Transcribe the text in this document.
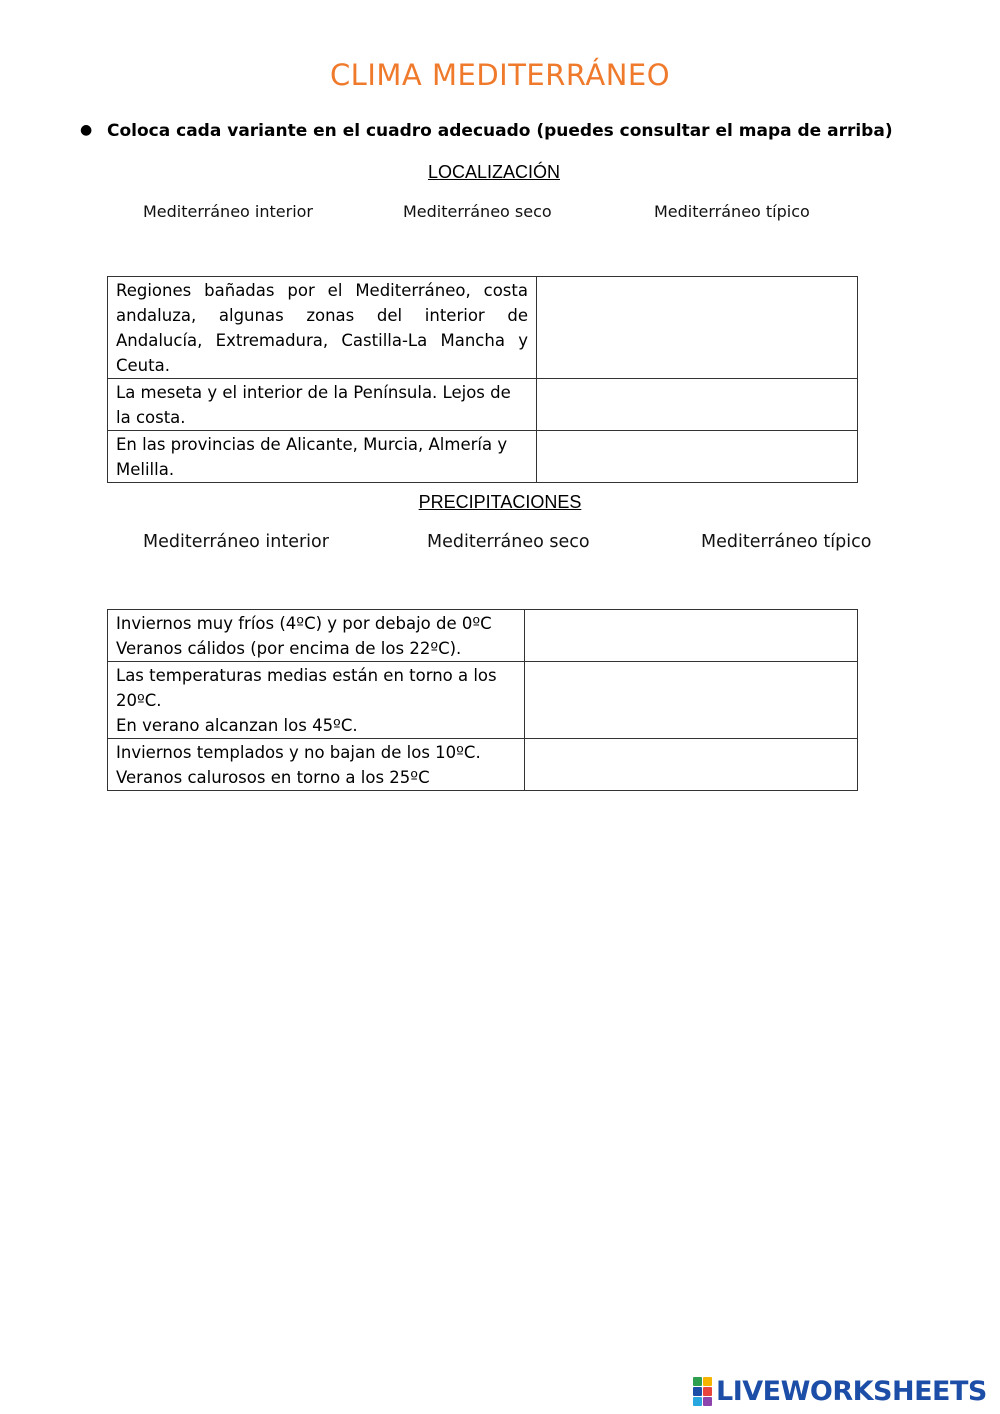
CLIMA MEDITERRÁNEO
● Coloca cada variante en el cuadro adecuado (puedes consultar el mapa de arriba)
LOCALIZACIÓN
Mediterráneo interior	Mediterráneo seco	Mediterráneo típico
Regiones bañadas por el Mediterráneo, costa andaluza, algunas zonas del interior de Andalucía, Extremadura, Castilla-La Mancha y Ceuta.	
La meseta y el interior de la Península. Lejos de la costa.	
En las provincias de Alicante, Murcia, Almería y Melilla.	
PRECIPITACIONES
Mediterráneo interior	Mediterráneo seco	Mediterráneo típico
Inviernos muy fríos (4ºC) y por debajo de 0ºC
Veranos cálidos (por encima de los 22ºC).	

Las temperaturas medias están en torno a los 20ºC.
En verano alcanzan los 45ºC.	

Inviernos templados y no bajan de los 10ºC.
Veranos calurosos en torno a los 25ºC	

LIVEWORKSHEETS
